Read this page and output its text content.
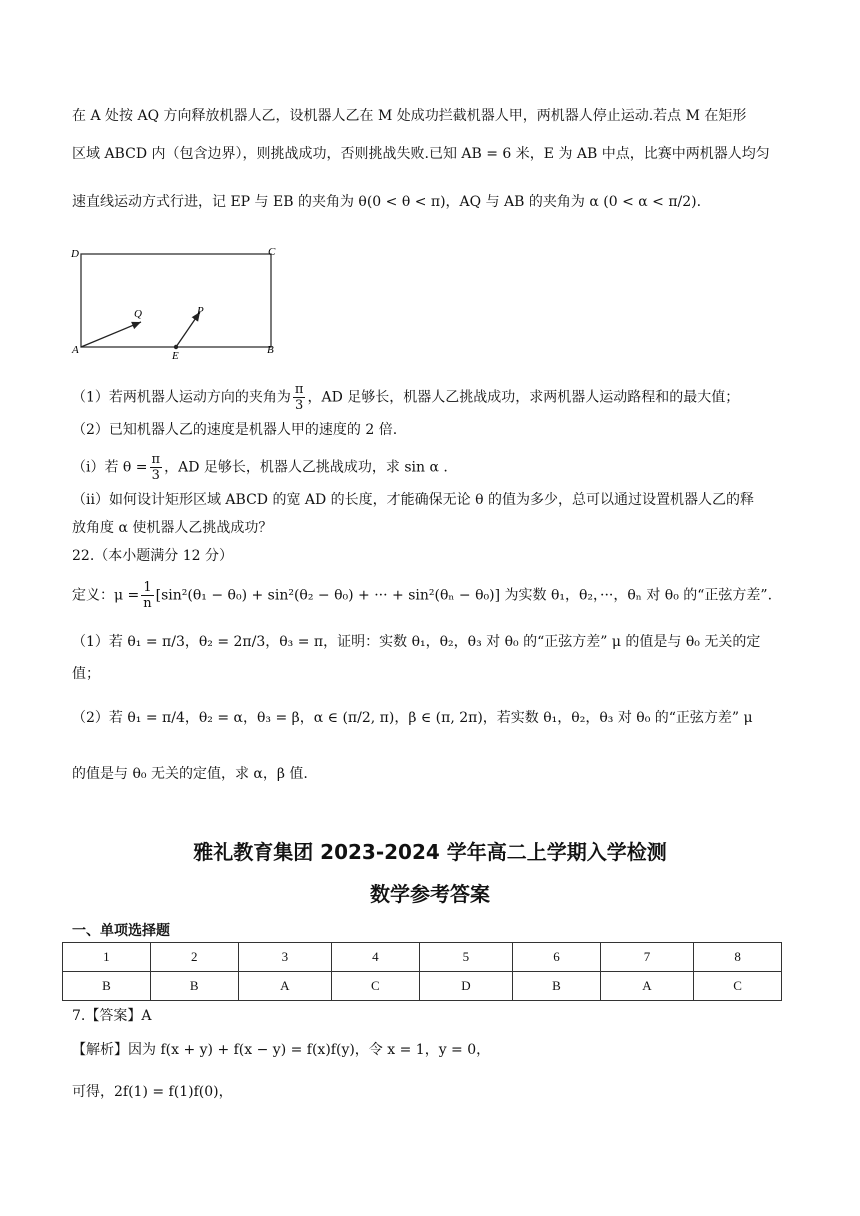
在 A 处按 AQ 方向释放机器人乙，设机器人乙在 M 处成功拦截机器人甲，两机器人停止运动.若点 M 在矩形
区域 ABCD 内（包含边界），则挑战成功，否则挑战失败.已知 AB = 6 米，E 为 AB 中点，比赛中两机器人均匀
速直线运动方式行进，记 EP 与 EB 的夹角为 θ(0 < θ < π)，AQ 与 AB 的夹角为 α (0 < α < π/2).
D	C
A	E	B
Q	P
（1）若两机器人运动方向的夹角为 $\frac{\pi}{3}$ ，AD 足够长，机器人乙挑战成功，求两机器人运动路程和的最大值；
（2）已知机器人乙的速度是机器人甲的速度的 2 倍.
（i）若 $\theta = \frac{\pi}{3}$ ，AD 足够长，机器人乙挑战成功，求 sin α .
（ii）如何设计矩形区域 ABCD 的宽 AD 的长度，才能确保无论 θ 的值为多少，总可以通过设置机器人乙的释
放角度 α 使机器人乙挑战成功？
22.（本小题满分 12 分）
定义：$\mu = \frac{1}{n} [\sin^2(\theta_1 - \theta_0) + \sin^2(\theta_2 - \theta_0)$ + ··· + sin²(θₙ − θ₀)] 为实数 θ₁，θ₂，···，θₙ 对 θ₀ 的“正弦方差”.
（1）若 θ₁ = π/3，θ₂ = 2π/3，θ₃ = π，证明：实数 θ₁，θ₂，θ₃ 对 θ₀ 的“正弦方差” μ 的值是与 θ₀ 无关的定
值；
（2）若 θ₁ = π/4，θ₂ = α，θ₃ = β，α ∈ (π/2, π)，β ∈ (π, 2π)，若实数 θ₁，θ₂，θ₃ 对 θ₀ 的“正弦方差” μ
的值是与 θ₀ 无关的定值，求 α，β 值.
雅礼教育集团 2023-2024 学年高二上学期入学检测
数学参考答案
一、单项选择题
1	2	3	4	5	6	7	8
B	B	A	C	D	B	A	C
7.【答案】A
【解析】因为 f(x + y) + f(x − y) = f(x)f(y)，令 x = 1，y = 0，
可得，2f(1) = f(1)f(0)，
